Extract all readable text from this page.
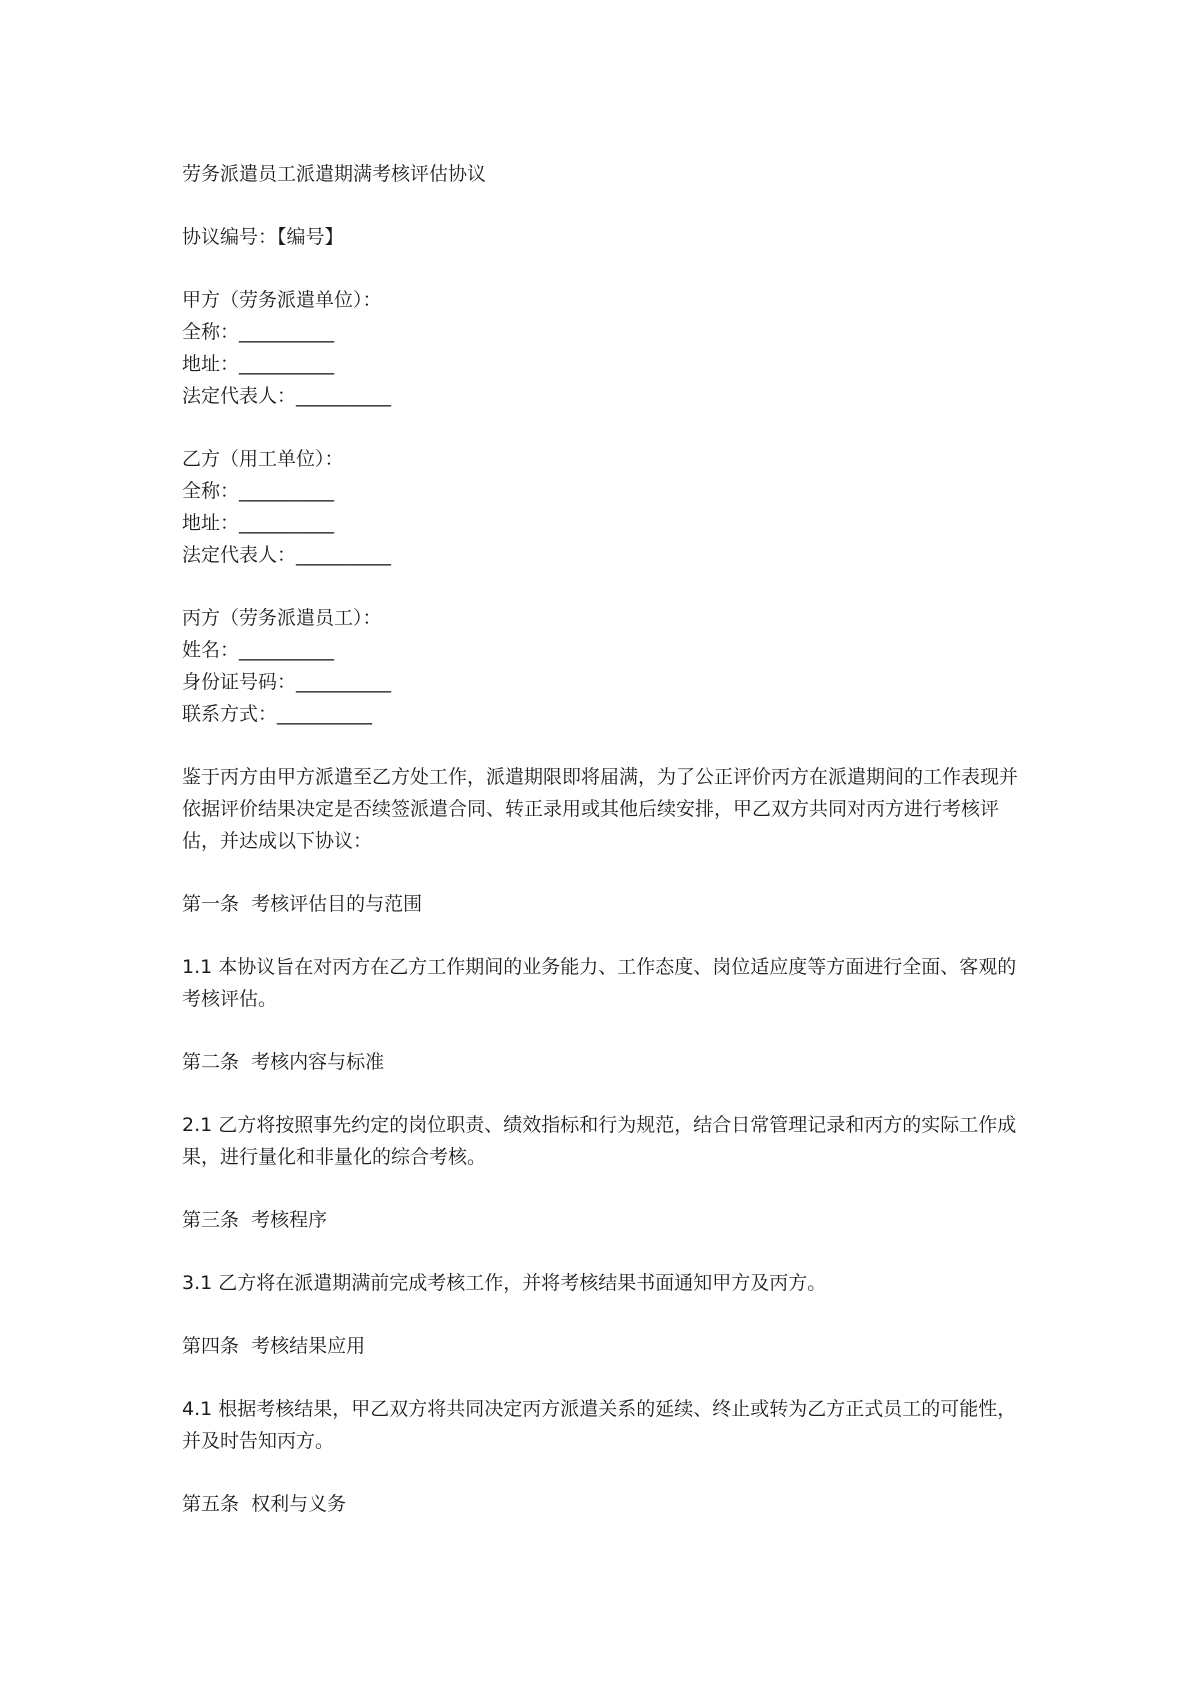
劳务派遣员工派遣期满考核评估协议
协议编号：【编号】
甲方（劳务派遣单位）：
全称：__________
地址：__________
法定代表人：__________
乙方（用工单位）：
全称：__________
地址：__________
法定代表人：__________
丙方（劳务派遣员工）：
姓名：__________
身份证号码：__________
联系方式：__________
鉴于丙方由甲方派遣至乙方处工作，派遣期限即将届满，为了公正评价丙方在派遣期间的工作表现并依据评价结果决定是否续签派遣合同、转正录用或其他后续安排，甲乙双方共同对丙方进行考核评估，并达成以下协议：
第一条  考核评估目的与范围
1.1 本协议旨在对丙方在乙方工作期间的业务能力、工作态度、岗位适应度等方面进行全面、客观的考核评估。
第二条  考核内容与标准
2.1 乙方将按照事先约定的岗位职责、绩效指标和行为规范，结合日常管理记录和丙方的实际工作成果，进行量化和非量化的综合考核。
第三条  考核程序
3.1 乙方将在派遣期满前完成考核工作，并将考核结果书面通知甲方及丙方。
第四条  考核结果应用
4.1 根据考核结果，甲乙双方将共同决定丙方派遣关系的延续、终止或转为乙方正式员工的可能性，并及时告知丙方。
第五条  权利与义务
